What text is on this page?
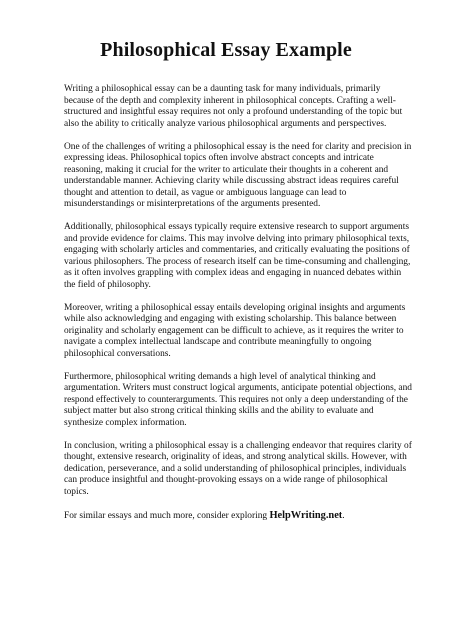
Philosophical Essay Example

Writing a philosophical essay can be a daunting task for many individuals, primarily because of the depth and complexity inherent in philosophical concepts. Crafting a well-structured and insightful essay requires not only a profound understanding of the topic but also the ability to critically analyze various philosophical arguments and perspectives.

One of the challenges of writing a philosophical essay is the need for clarity and precision in expressing ideas. Philosophical topics often involve abstract concepts and intricate reasoning, making it crucial for the writer to articulate their thoughts in a coherent and understandable manner. Achieving clarity while discussing abstract ideas requires careful thought and attention to detail, as vague or ambiguous language can lead to misunderstandings or misinterpretations of the arguments presented.

Additionally, philosophical essays typically require extensive research to support arguments and provide evidence for claims. This may involve delving into primary philosophical texts, engaging with scholarly articles and commentaries, and critically evaluating the positions of various philosophers. The process of research itself can be time-consuming and challenging, as it often involves grappling with complex ideas and engaging in nuanced debates within the field of philosophy.

Moreover, writing a philosophical essay entails developing original insights and arguments while also acknowledging and engaging with existing scholarship. This balance between originality and scholarly engagement can be difficult to achieve, as it requires the writer to navigate a complex intellectual landscape and contribute meaningfully to ongoing philosophical conversations.

Furthermore, philosophical writing demands a high level of analytical thinking and argumentation. Writers must construct logical arguments, anticipate potential objections, and respond effectively to counterarguments. This requires not only a deep understanding of the subject matter but also strong critical thinking skills and the ability to evaluate and synthesize complex information.

In conclusion, writing a philosophical essay is a challenging endeavor that requires clarity of thought, extensive research, originality of ideas, and strong analytical skills. However, with dedication, perseverance, and a solid understanding of philosophical principles, individuals can produce insightful and thought-provoking essays on a wide range of philosophical topics.

For similar essays and much more, consider exploring HelpWriting.net.
